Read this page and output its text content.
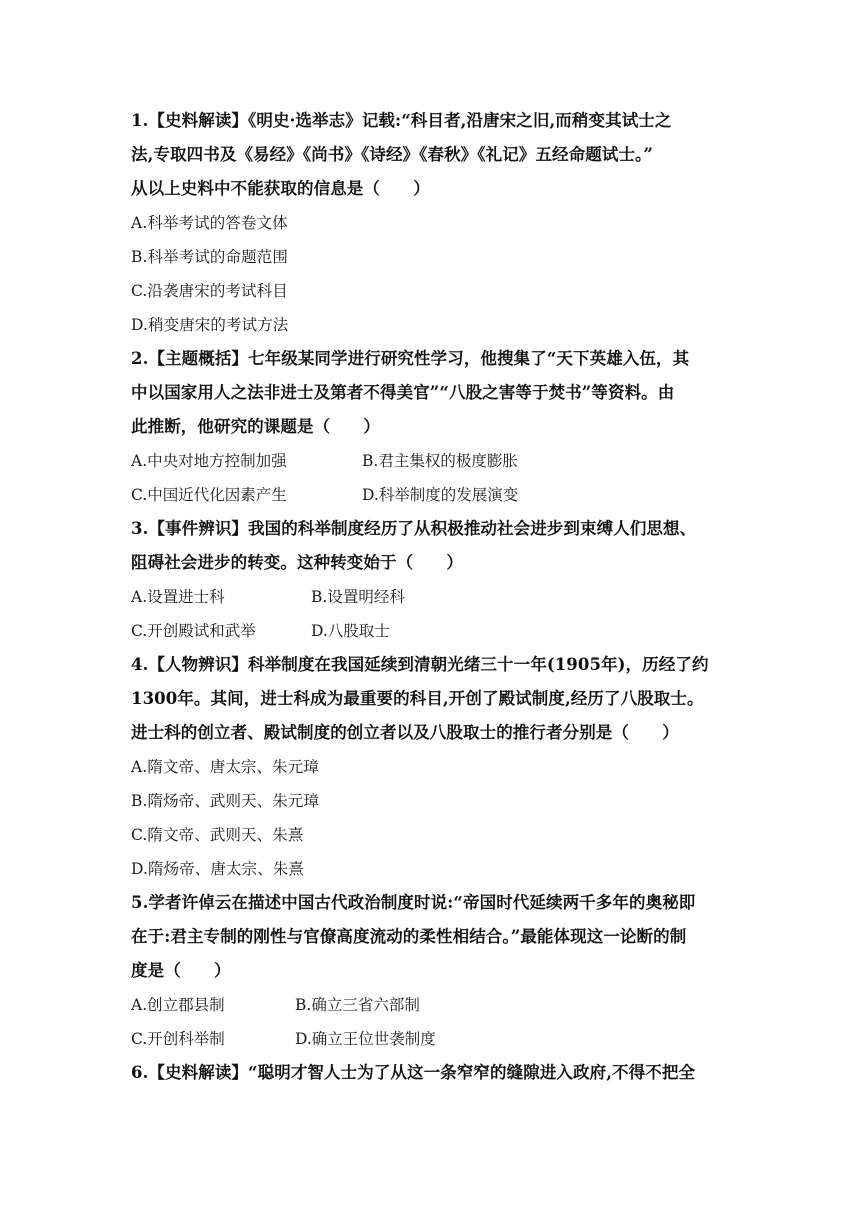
1.【史料解读】《明史·选举志》记载:“科目者,沿唐宋之旧,而稍变其试士之
法,专取四书及《易经》《尚书》《诗经》《春秋》《礼记》五经命题试士。”
从以上史料中不能获取的信息是（　　）
A.科举考试的答卷文体
B.科举考试的命题范围
C.沿袭唐宋的考试科目
D.稍变唐宋的考试方法
2.【主题概括】七年级某同学进行研究性学习，他搜集了“天下英雄入伍，其
中以国家用人之法非进士及第者不得美官”“八股之害等于焚书”等资料。由
此推断，他研究的课题是（　　）
A.中央对地方控制加强	B.君主集权的极度膨胀
C.中国近代化因素产生	D.科举制度的发展演变
3.【事件辨识】我国的科举制度经历了从积极推动社会进步到束缚人们思想、
阻碍社会进步的转变。这种转变始于（　　）
A.设置进士科	B.设置明经科
C.开创殿试和武举	D.八股取士
4.【人物辨识】科举制度在我国延续到清朝光绪三十一年(1905年)，历经了约
1300年。其间，进士科成为最重要的科目,开创了殿试制度,经历了八股取士。
进士科的创立者、殿试制度的创立者以及八股取士的推行者分别是（　　）
A.隋文帝、唐太宗、朱元璋
B.隋炀帝、武则天、朱元璋
C.隋文帝、武则天、朱熹
D.隋炀帝、唐太宗、朱熹
5.学者许倬云在描述中国古代政治制度时说:“帝国时代延续两千多年的奥秘即
在于:君主专制的刚性与官僚高度流动的柔性相结合。”最能体现这一论断的制
度是（　　）
A.创立郡县制	B.确立三省六部制
C.开创科举制	D.确立王位世袭制度
6.【史料解读】“聪明才智人士为了从这一条窄窄的缝隙进入政府,不得不把全
